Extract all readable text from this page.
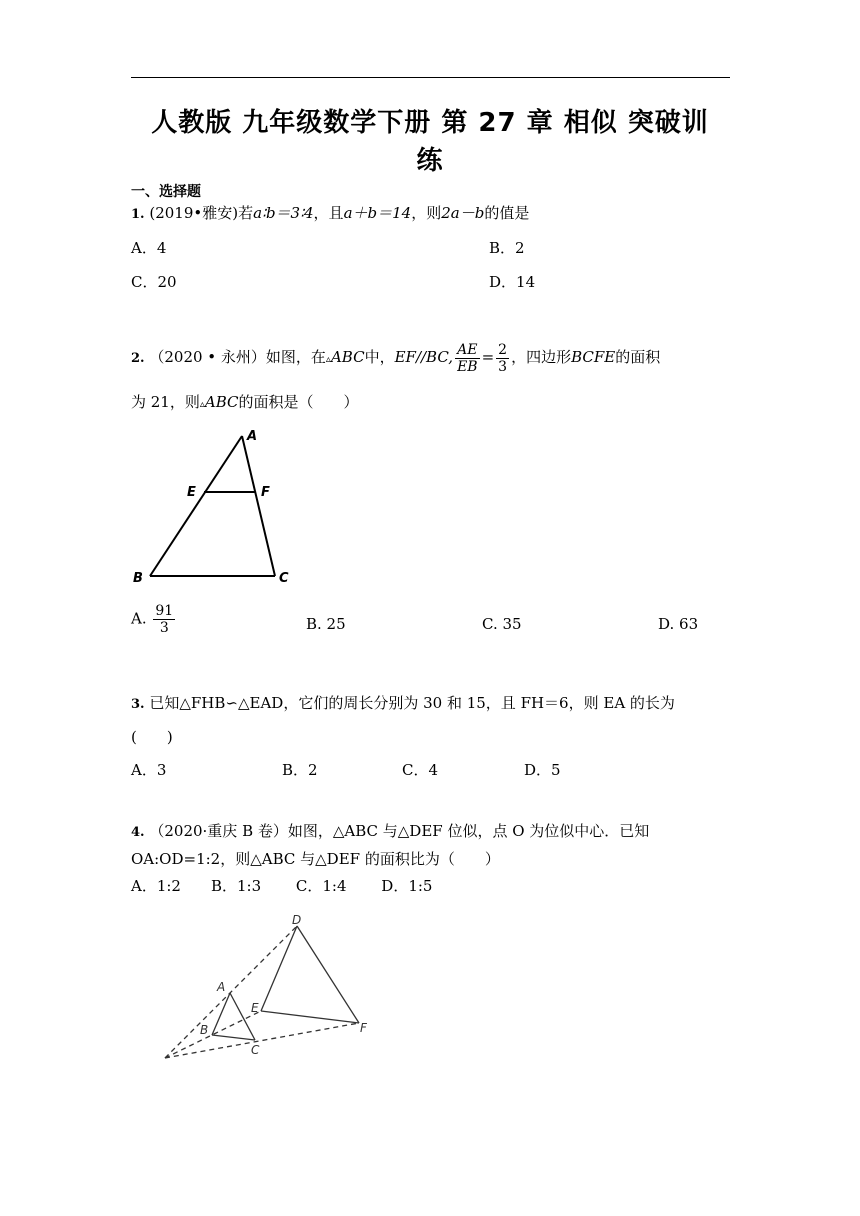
人教版 九年级数学下册 第 27 章 相似 突破训
练
一、选择题
1. (2019•雅安)若a∶b＝3∶4，且a＋b＝14，则2a－b的值是
A．4	B．2
C．20	D．14
2. （2020 • 永州）如图，在▵ABC中，EF//BC, $\frac{AE}{EB} = \frac{2}{3}$ ，四边形BCFE的面积
为 21，则▵ABC的面积是（　　）
A
E	F
B	C
A. $\frac{91}{3}$	B. 25	C. 35	D. 63
3. 已知△FHB∽△EAD，它们的周长分别为 30 和 15，且 FH＝6，则 EA 的长为
(　　)
A．3	B．2	C．4	D．5
4. （2020·重庆 B 卷）如图，△ABC 与△DEF 位似，点 O 为位似中心．已知
OA:OD=1:2，则△ABC 与△DEF 的面积比为（　　）
A．1:2　　B．1:3　　 C．1:4　　 D．1:5
D
E
F
A
B
C
